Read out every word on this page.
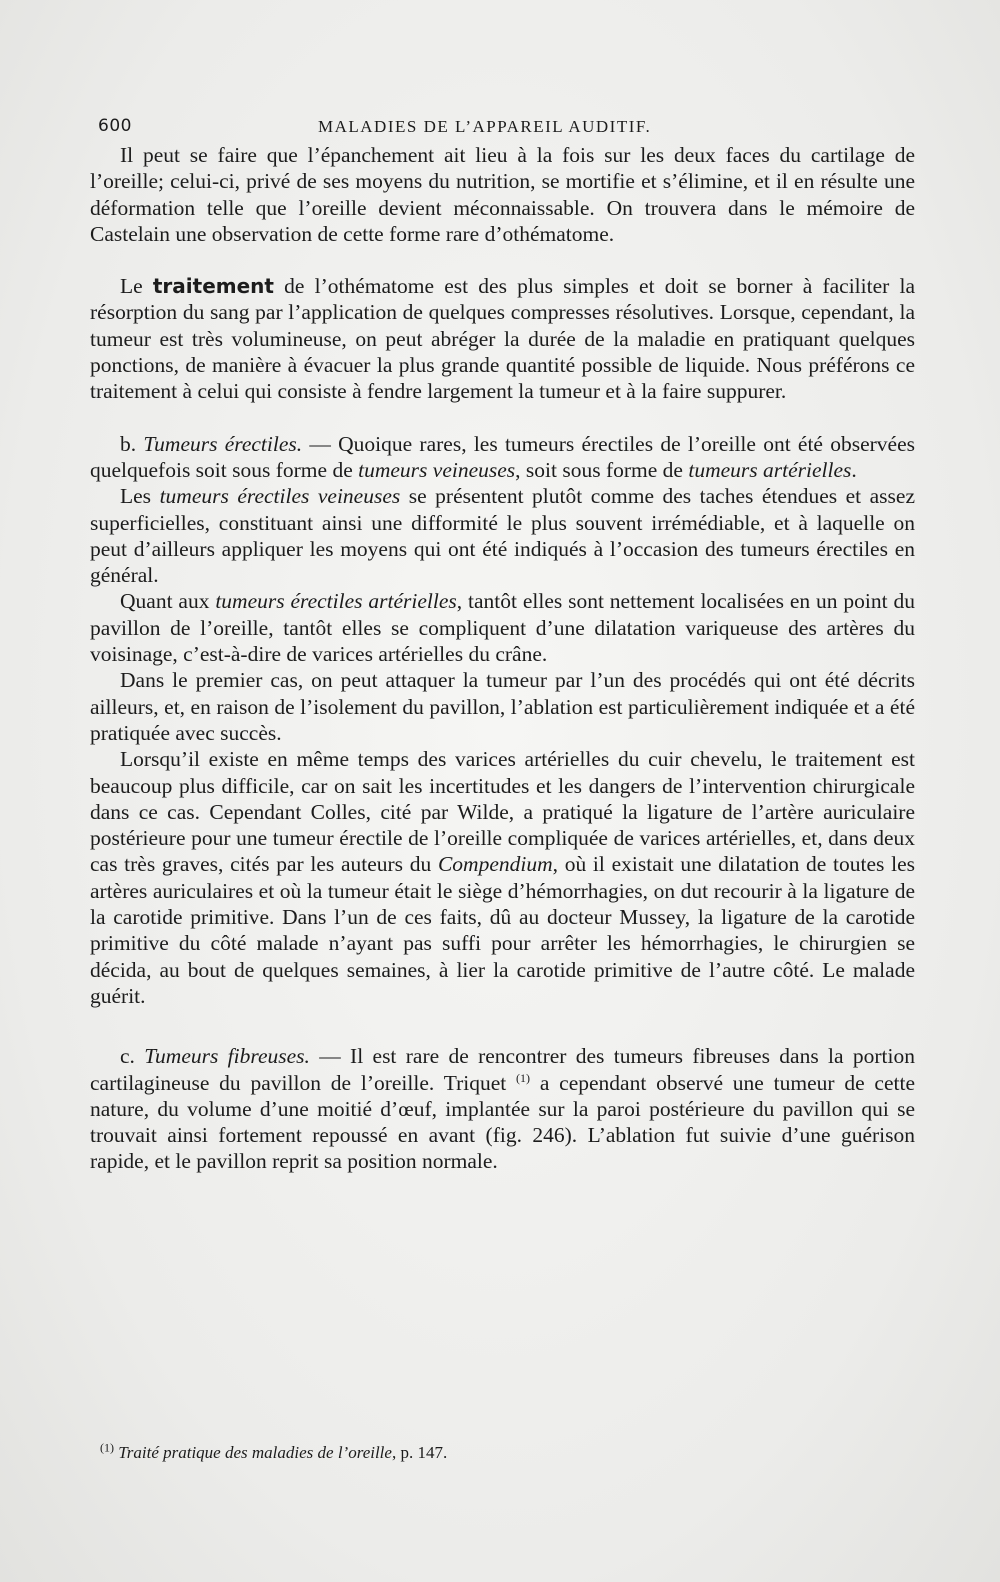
600	MALADIES DE L’APPAREIL AUDITIF.

Il peut se faire que l’épanchement ait lieu à la fois sur les deux faces du cartilage de l’oreille; celui-ci, privé de ses moyens du nutrition, se mortifie et s’élimine, et il en résulte une déformation telle que l’oreille devient méconnaissable. On trouvera dans le mémoire de Castelain une observation de cette forme rare d’othématome.

Le traitement de l’othématome est des plus simples et doit se borner à faciliter la résorption du sang par l’application de quelques compresses résolutives. Lorsque, cependant, la tumeur est très volumineuse, on peut abréger la durée de la maladie en pratiquant quelques ponctions, de manière à évacuer la plus grande quantité possible de liquide. Nous préférons ce traitement à celui qui consiste à fendre largement la tumeur et à la faire suppurer.

b. Tumeurs érectiles. — Quoique rares, les tumeurs érectiles de l’oreille ont été observées quelquefois soit sous forme de tumeurs veineuses, soit sous forme de tumeurs artérielles.

Les tumeurs érectiles veineuses se présentent plutôt comme des taches étendues et assez superficielles, constituant ainsi une difformité le plus souvent irrémédiable, et à laquelle on peut d’ailleurs appliquer les moyens qui ont été indiqués à l’occasion des tumeurs érectiles en général.

Quant aux tumeurs érectiles artérielles, tantôt elles sont nettement localisées en un point du pavillon de l’oreille, tantôt elles se compliquent d’une dilatation variqueuse des artères du voisinage, c’est-à-dire de varices artérielles du crâne.

Dans le premier cas, on peut attaquer la tumeur par l’un des procédés qui ont été décrits ailleurs, et, en raison de l’isolement du pavillon, l’ablation est particulièrement indiquée et a été pratiquée avec succès.

Lorsqu’il existe en même temps des varices artérielles du cuir chevelu, le traitement est beaucoup plus difficile, car on sait les incertitudes et les dangers de l’intervention chirurgicale dans ce cas. Cependant Colles, cité par Wilde, a pratiqué la ligature de l’artère auriculaire postérieure pour une tumeur érectile de l’oreille compliquée de varices artérielles, et, dans deux cas très graves, cités par les auteurs du Compendium, où il existait une dilatation de toutes les artères auriculaires et où la tumeur était le siège d’hémorrhagies, on dut recourir à la ligature de la carotide primitive. Dans l’un de ces faits, dû au docteur Mussey, la ligature de la carotide primitive du côté malade n’ayant pas suffi pour arrêter les hémorrhagies, le chirurgien se décida, au bout de quelques semaines, à lier la carotide primitive de l’autre côté. Le malade guérit.

c. Tumeurs fibreuses. — Il est rare de rencontrer des tumeurs fibreuses dans la portion cartilagineuse du pavillon de l’oreille. Triquet $^{(1)}$ a cependant observé une tumeur de cette nature, du volume d’une moitié d’œuf, implantée sur la paroi postérieure du pavillon qui se trouvait ainsi fortement repoussé en avant (fig. 246). L’ablation fut suivie d’une guérison rapide, et le pavillon reprit sa position normale.

$^{(1)}$ Traité pratique des maladies de l’oreille, p. 147.
